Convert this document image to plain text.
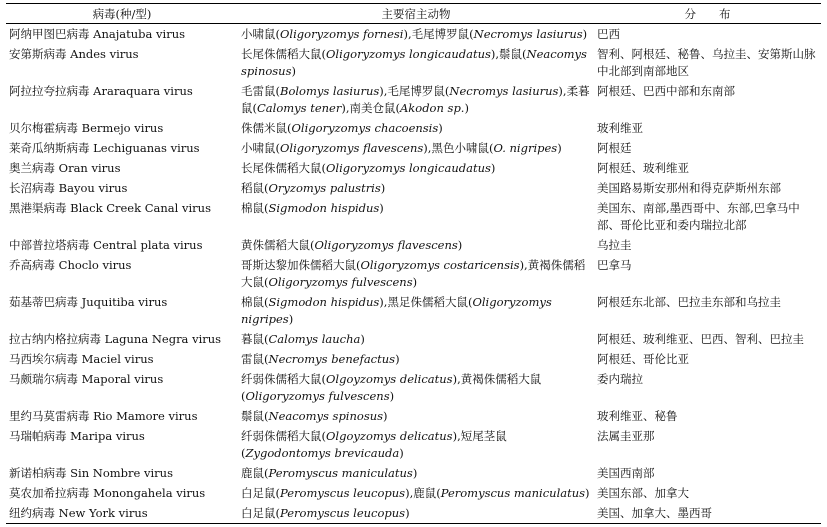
病毒(种/型)	主要宿主动物	分　　布
阿纳甲图巴病毒 Anajatuba virus	小啸鼠(Oligoryzomys fornesi),毛尾博罗鼠(Necromys lasiurus)	巴西
安第斯病毒 Andes virus	长尾侏儒稻大鼠(Oligoryzomys longicaudatus),鬃鼠(Neacomys spinosus)	智利、阿根廷、秘鲁、乌拉圭、安第斯山脉中北部到南部地区
阿拉拉夸拉病毒 Araraquara virus	毛雷鼠(Bolomys lasiurus),毛尾博罗鼠(Necromys lasiurus),柔暮鼠(Calomys tener),南美仓鼠(Akodon sp.)	阿根廷、巴西中部和东南部
贝尔梅霍病毒 Bermejo virus	侏儒米鼠(Oligoryzomys chacoensis)	玻利维亚
莱奇瓜纳斯病毒 Lechiguanas virus	小啸鼠(Oligoryzomys flavescens),黑色小啸鼠(O. nigripes)	阿根廷
奥兰病毒 Oran virus	长尾侏儒稻大鼠(Oligoryzomys longicaudatus)	阿根廷、玻利维亚
长沼病毒 Bayou virus	稻鼠(Oryzomys palustris)	美国路易斯安那州和得克萨斯州东部
黑港渠病毒 Black Creek Canal virus	棉鼠(Sigmodon hispidus)	美国东、南部,墨西哥中、东部,巴拿马中部、哥伦比亚和委内瑞拉北部
中部普拉塔病毒 Central plata virus	黄侏儒稻大鼠(Oligoryzomys flavescens)	乌拉圭
乔高病毒 Choclo virus	哥斯达黎加侏儒稻大鼠(Oligoryzomys costaricensis),黄褐侏儒稻大鼠(Oligoryzomys fulvescens)	巴拿马
茹基蒂巴病毒 Juquitiba virus	棉鼠(Sigmodon hispidus),黑足侏儒稻大鼠(Oligoryzomys nigripes)	阿根廷东北部、巴拉圭东部和乌拉圭
拉古纳内格拉病毒 Laguna Negra virus	暮鼠(Calomys laucha)	阿根廷、玻利维亚、巴西、智利、巴拉圭
马西埃尔病毒 Maciel virus	雷鼠(Necromys benefactus)	阿根廷、哥伦比亚
马颇瑞尔病毒 Maporal virus	纤弱侏儒稻大鼠(Olgoyzomys delicatus),黄褐侏儒稻大鼠(Oligoryzomys fulvescens)	委内瑞拉
里约马莫雷病毒 Rio Mamore virus	鬃鼠(Neacomys spinosus)	玻利维亚、秘鲁
马瑞帕病毒 Maripa virus	纤弱侏儒稻大鼠(Olgoyzomys delicatus),短尾茎鼠(Zygodontomys brevicauda)	法属圭亚那
新诺柏病毒 Sin Nombre virus	鹿鼠(Peromyscus maniculatus)	美国西南部
莫农加希拉病毒 Monongahela virus	白足鼠(Peromyscus leucopus),鹿鼠(Peromyscus maniculatus)	美国东部、加拿大
纽约病毒 New York virus	白足鼠(Peromyscus leucopus)	美国、加拿大、墨西哥
